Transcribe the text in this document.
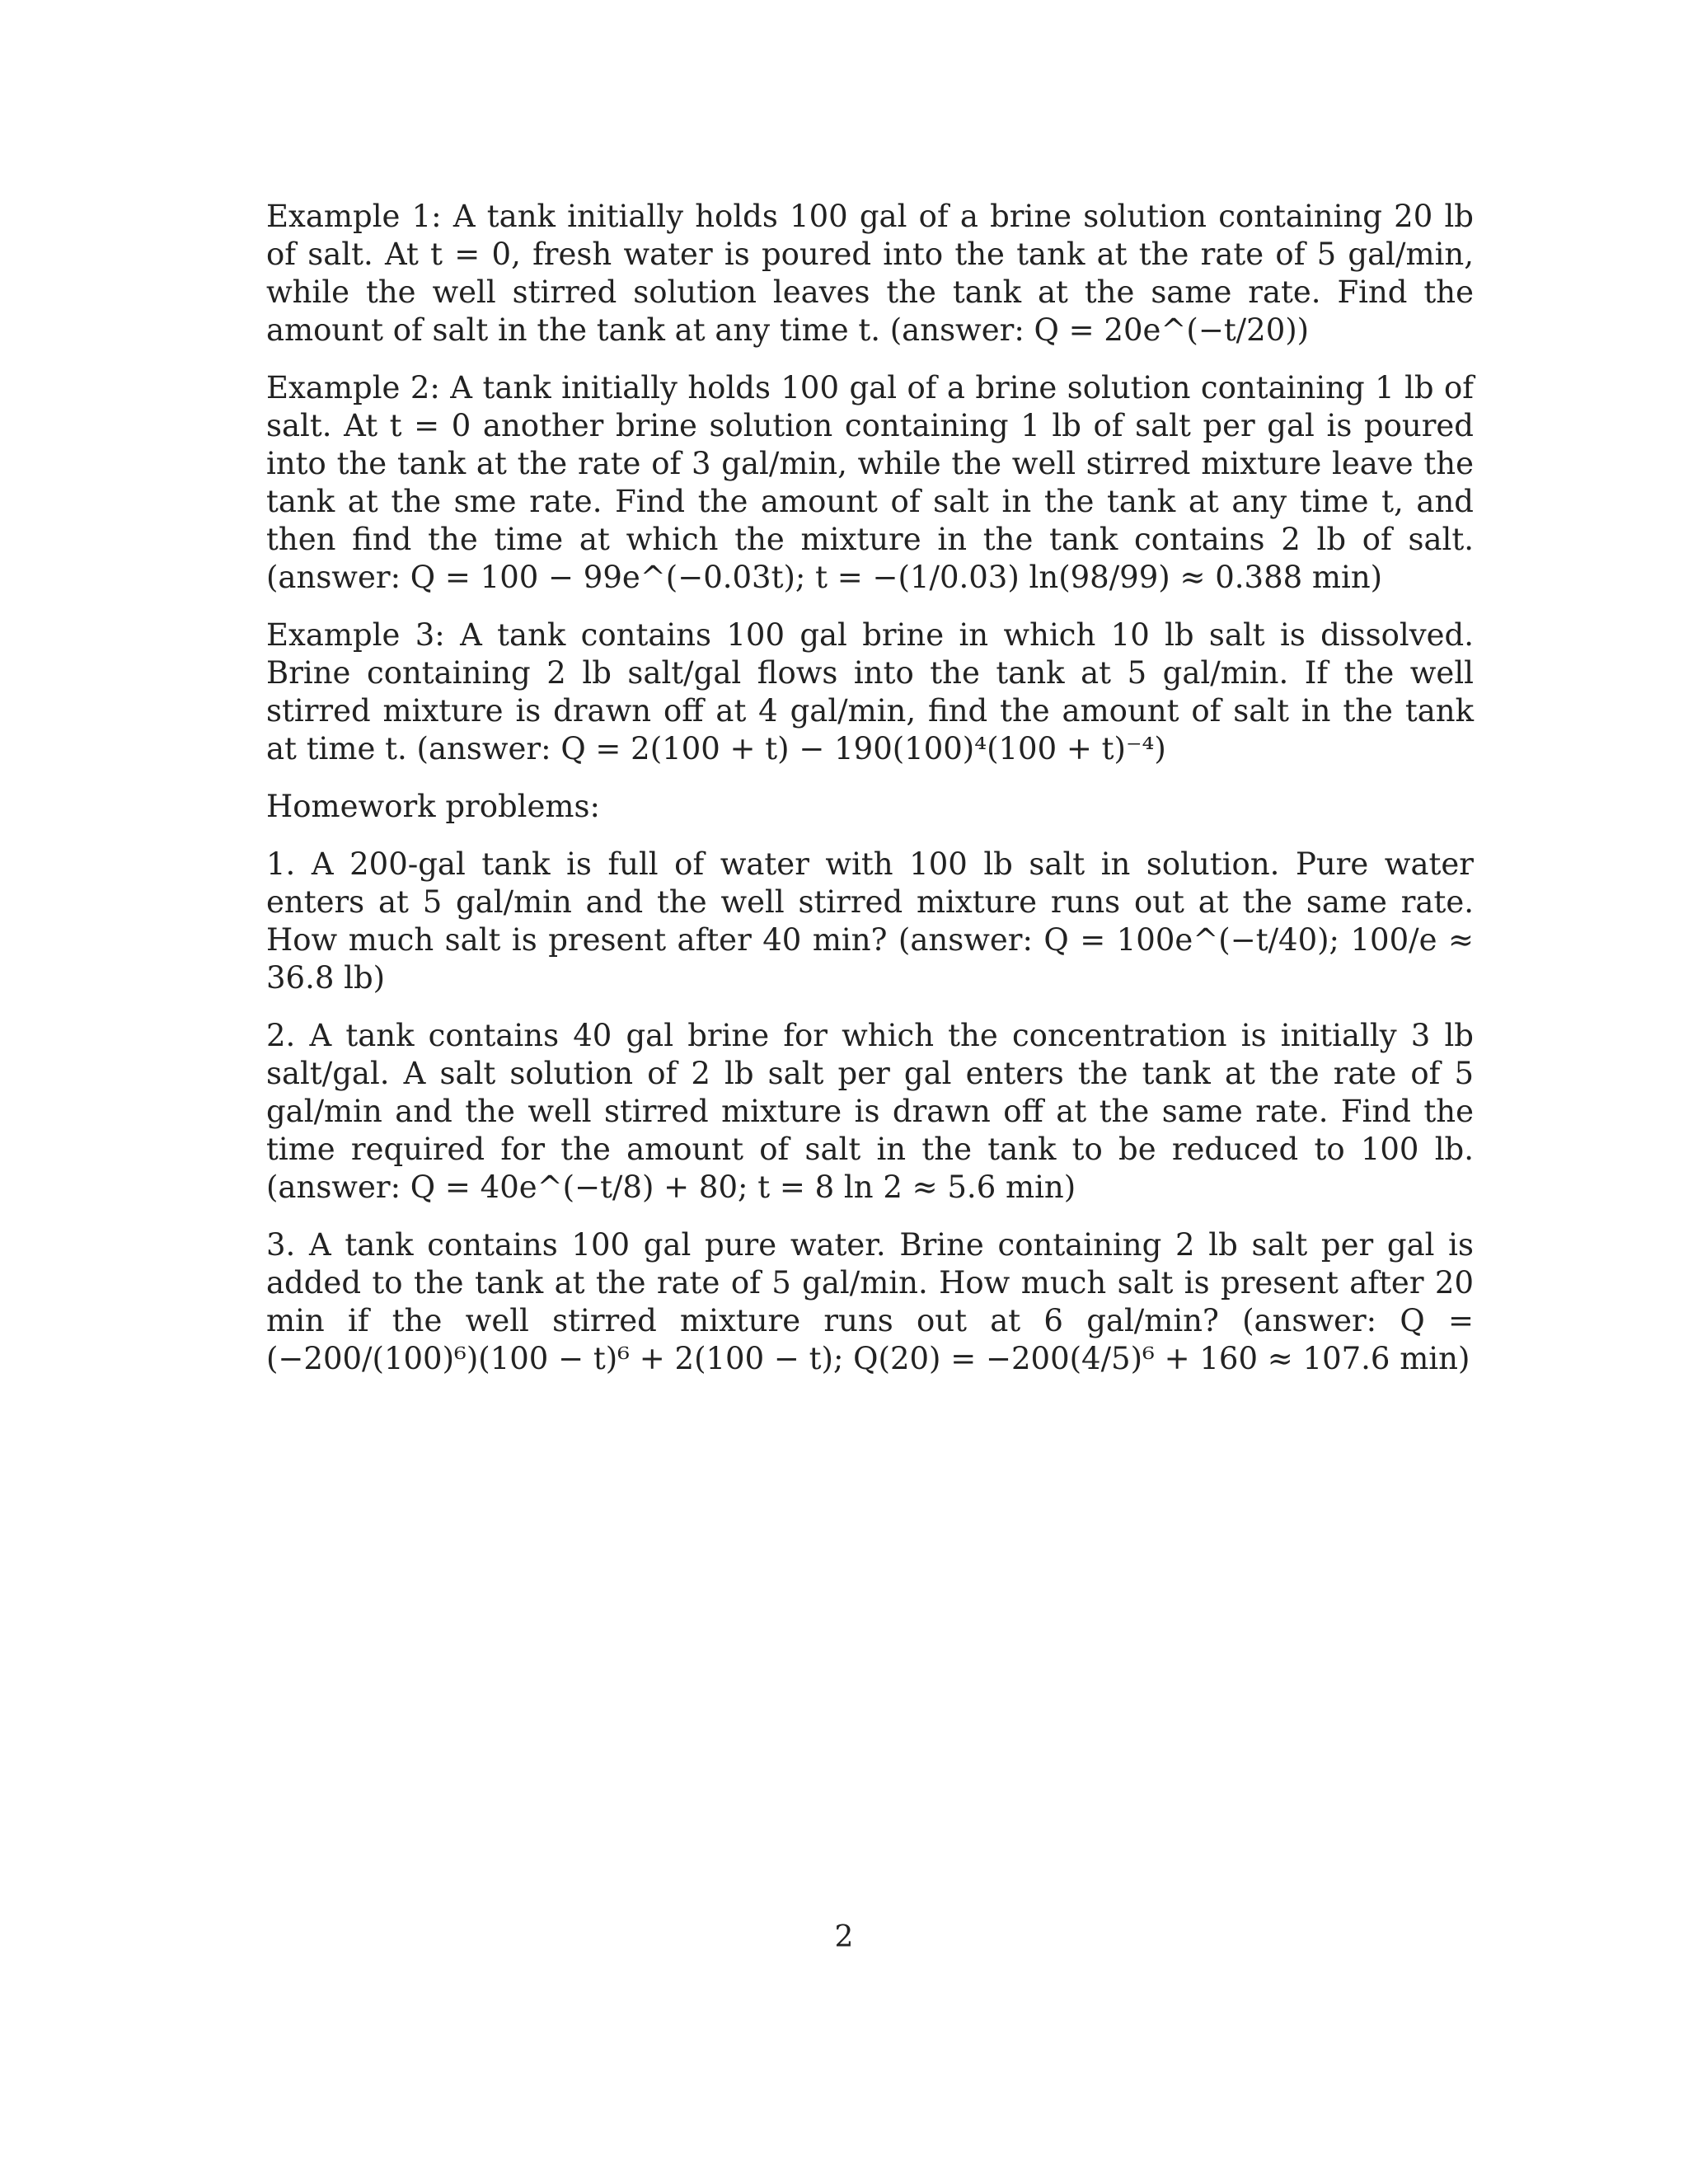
Example 1: A tank initially holds 100 gal of a brine solution containing 20 lb of salt. At t = 0, fresh water is poured into the tank at the rate of 5 gal/min, while the well stirred solution leaves the tank at the same rate. Find the amount of salt in the tank at any time t. (answer: Q = 20e^(−t/20))

Example 2: A tank initially holds 100 gal of a brine solution containing 1 lb of salt. At t = 0 another brine solution containing 1 lb of salt per gal is poured into the tank at the rate of 3 gal/min, while the well stirred mixture leave the tank at the sme rate. Find the amount of salt in the tank at any time t, and then find the time at which the mixture in the tank contains 2 lb of salt. (answer: Q = 100 − 99e^(−0.03t); t = −(1/0.03) ln(98/99) ≈ 0.388 min)

Example 3: A tank contains 100 gal brine in which 10 lb salt is dissolved. Brine containing 2 lb salt/gal flows into the tank at 5 gal/min. If the well stirred mixture is drawn off at 4 gal/min, find the amount of salt in the tank at time t. (answer: Q = 2(100 + t) − 190(100)⁴(100 + t)⁻⁴)

Homework problems:

1. A 200-gal tank is full of water with 100 lb salt in solution. Pure water enters at 5 gal/min and the well stirred mixture runs out at the same rate. How much salt is present after 40 min? (answer: Q = 100e^(−t/40); 100/e ≈ 36.8 lb)

2. A tank contains 40 gal brine for which the concentration is initially 3 lb salt/gal. A salt solution of 2 lb salt per gal enters the tank at the rate of 5 gal/min and the well stirred mixture is drawn off at the same rate. Find the time required for the amount of salt in the tank to be reduced to 100 lb. (answer: Q = 40e^(−t/8) + 80; t = 8 ln 2 ≈ 5.6 min)

3. A tank contains 100 gal pure water. Brine containing 2 lb salt per gal is added to the tank at the rate of 5 gal/min. How much salt is present after 20 min if the well stirred mixture runs out at 6 gal/min? (answer: Q = (−200/(100)⁶)(100 − t)⁶ + 2(100 − t); Q(20) = −200(4/5)⁶ + 160 ≈ 107.6 min)

2
